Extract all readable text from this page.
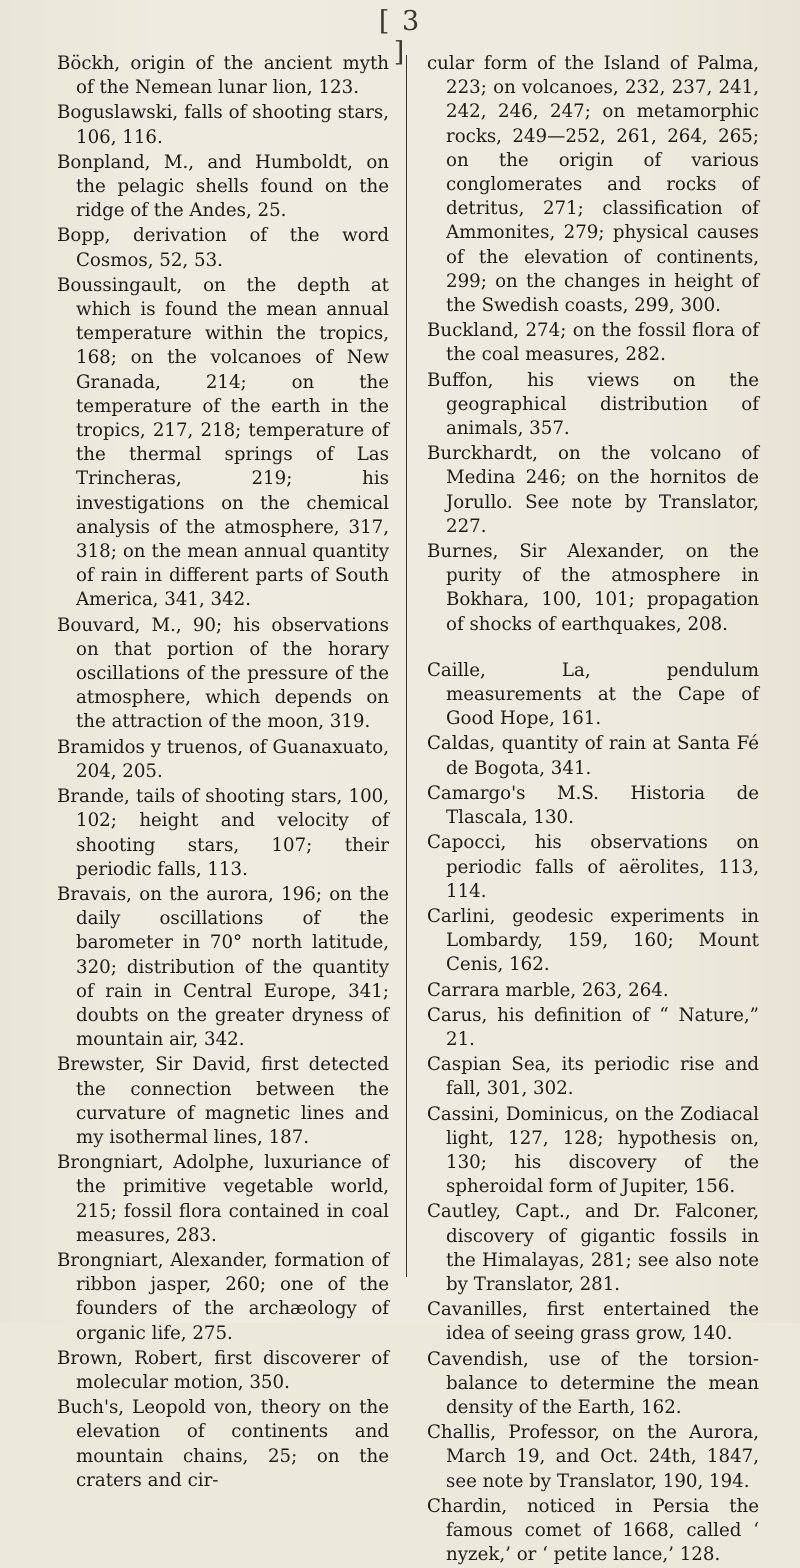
[ 3 ]

Böckh, origin of the ancient myth of the Nemean lunar lion, 123.

Boguslawski, falls of shooting stars, 106, 116.

Bonpland, M., and Humboldt, on the pelagic shells found on the ridge of the Andes, 25.

Bopp, derivation of the word Cosmos, 52, 53.

Boussingault, on the depth at which is found the mean annual temperature within the tropics, 168; on the volcanoes of New Granada, 214; on the temperature of the earth in the tropics, 217, 218; temperature of the thermal springs of Las Trincheras, 219; his investigations on the chemical analysis of the atmosphere, 317, 318; on the mean annual quantity of rain in different parts of South America, 341, 342.

Bouvard, M., 90; his observations on that portion of the horary oscillations of the pressure of the atmosphere, which depends on the attraction of the moon, 319.

Bramidos y truenos, of Guanaxuato, 204, 205.

Brande, tails of shooting stars, 100, 102; height and velocity of shooting stars, 107; their periodic falls, 113.

Bravais, on the aurora, 196; on the daily oscillations of the barometer in 70° north latitude, 320; distribution of the quantity of rain in Central Europe, 341; doubts on the greater dryness of mountain air, 342.

Brewster, Sir David, first detected the connection between the curvature of magnetic lines and my isothermal lines, 187.

Brongniart, Adolphe, luxuriance of the primitive vegetable world, 215; fossil flora contained in coal measures, 283.

Brongniart, Alexander, formation of ribbon jasper, 260; one of the founders of the archæology of organic life, 275.

Brown, Robert, first discoverer of molecular motion, 350.

Buch's, Leopold von, theory on the elevation of continents and mountain chains, 25; on the craters and cir-

cular form of the Island of Palma, 223; on volcanoes, 232, 237, 241, 242, 246, 247; on metamorphic rocks, 249—252, 261, 264, 265; on the origin of various conglomerates and rocks of detritus, 271; classification of Ammonites, 279; physical causes of the elevation of continents, 299; on the changes in height of the Swedish coasts, 299, 300.

Buckland, 274; on the fossil flora of the coal measures, 282.

Buffon, his views on the geographical distribution of animals, 357.

Burckhardt, on the volcano of Medina 246; on the hornitos de Jorullo. See note by Translator, 227.

Burnes, Sir Alexander, on the purity of the atmosphere in Bokhara, 100, 101; propagation of shocks of earthquakes, 208.

Caille, La, pendulum measurements at the Cape of Good Hope, 161.

Caldas, quantity of rain at Santa Fé de Bogota, 341.

Camargo's M.S. Historia de Tlascala, 130.

Capocci, his observations on periodic falls of aërolites, 113, 114.

Carlini, geodesic experiments in Lombardy, 159, 160; Mount Cenis, 162.

Carrara marble, 263, 264.

Carus, his definition of “ Nature,” 21.

Caspian Sea, its periodic rise and fall, 301, 302.

Cassini, Dominicus, on the Zodiacal light, 127, 128; hypothesis on, 130; his discovery of the spheroidal form of Jupiter, 156.

Cautley, Capt., and Dr. Falconer, discovery of gigantic fossils in the Himalayas, 281; see also note by Translator, 281.

Cavanilles, first entertained the idea of seeing grass grow, 140.

Cavendish, use of the torsion-balance to determine the mean density of the Earth, 162.

Challis, Professor, on the Aurora, March 19, and Oct. 24th, 1847, see note by Translator, 190, 194.

Chardin, noticed in Persia the famous comet of 1668, called ‘ nyzek,’ or ‘ petite lance,’ 128.
